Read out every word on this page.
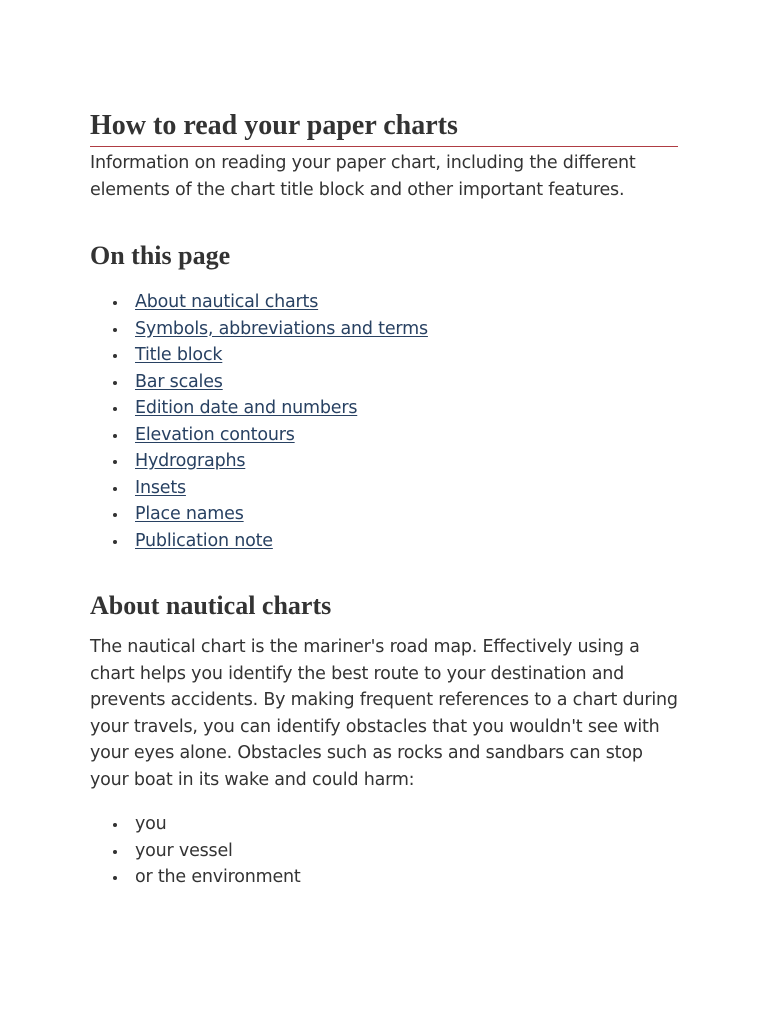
How to read your paper charts

Information on reading your paper chart, including the different elements of the chart title block and other important features.

On this page
About nautical charts
Symbols, abbreviations and terms
Title block
Bar scales
Edition date and numbers
Elevation contours
Hydrographs
Insets
Place names
Publication note
About nautical charts

The nautical chart is the mariner's road map. Effectively using a chart helps you identify the best route to your destination and prevents accidents. By making frequent references to a chart during your travels, you can identify obstacles that you wouldn't see with your eyes alone. Obstacles such as rocks and sandbars can stop your boat in its wake and could harm:

you
your vessel
or the environment
